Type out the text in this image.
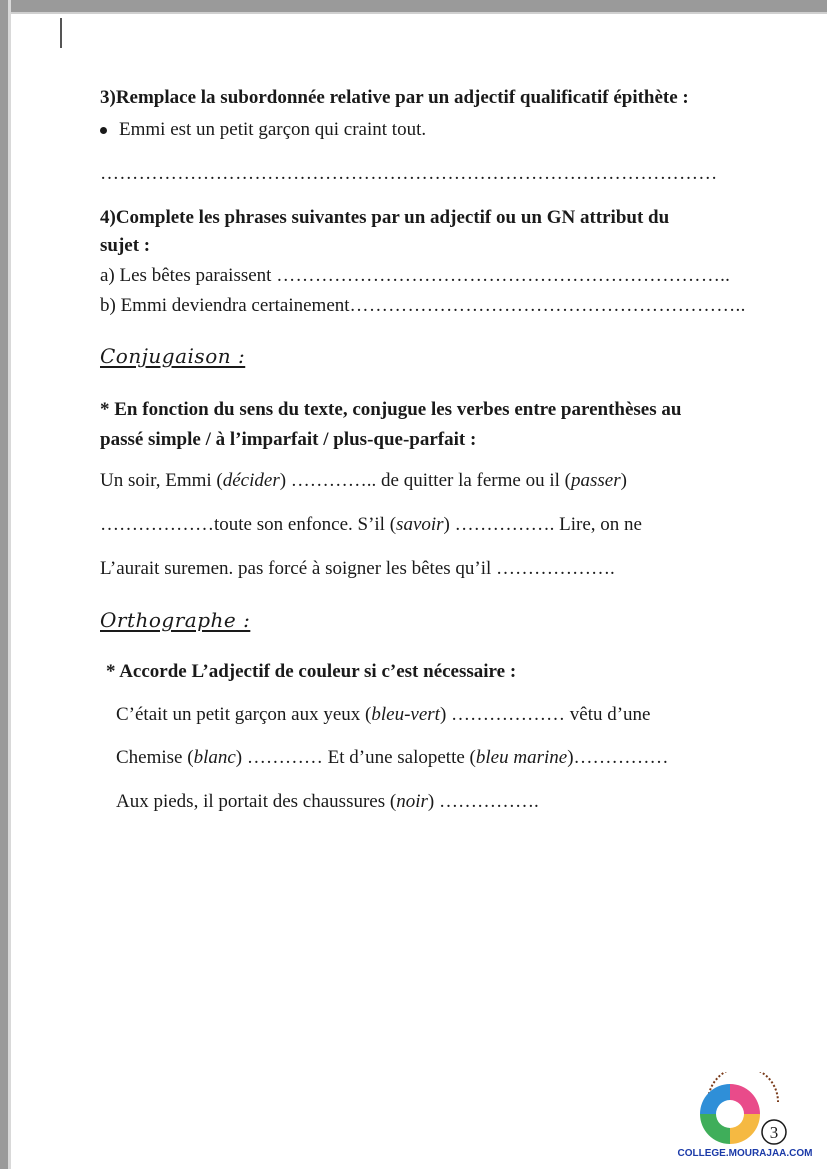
3)Remplace la subordonnée relative par un adjectif qualificatif épithète :
Emmi est un petit garçon qui craint tout.
……………………………………………………………………………………
4)Complete les phrases suivantes par un adjectif ou un GN attribut du
sujet :
a) Les bêtes paraissent ……………………………………………………………..
b) Emmi deviendra certainement……………………………………………………..
Conjugaison :
* En fonction du sens du texte, conjugue les verbes entre parenthèses au
passé simple / à l’imparfait / plus-que-parfait :
Un soir, Emmi (décider) ………….. de quitter la ferme ou il (passer)
………………toute son enfonce. S’il (savoir) ……………. Lire, on ne
L’aurait suremen. pas forcé à soigner les bêtes qu’il ……………….
Orthographe :
* Accorde L’adjectif de couleur si c’est nécessaire :
C’était un petit garçon aux yeux (bleu-vert) ……………… vêtu d’une
Chemise (blanc) ………… Et d’une salopette (bleu marine)……………
Aux pieds, il portait des chaussures (noir) …………….
3
COLLEGE.MOURAJAA.COM
